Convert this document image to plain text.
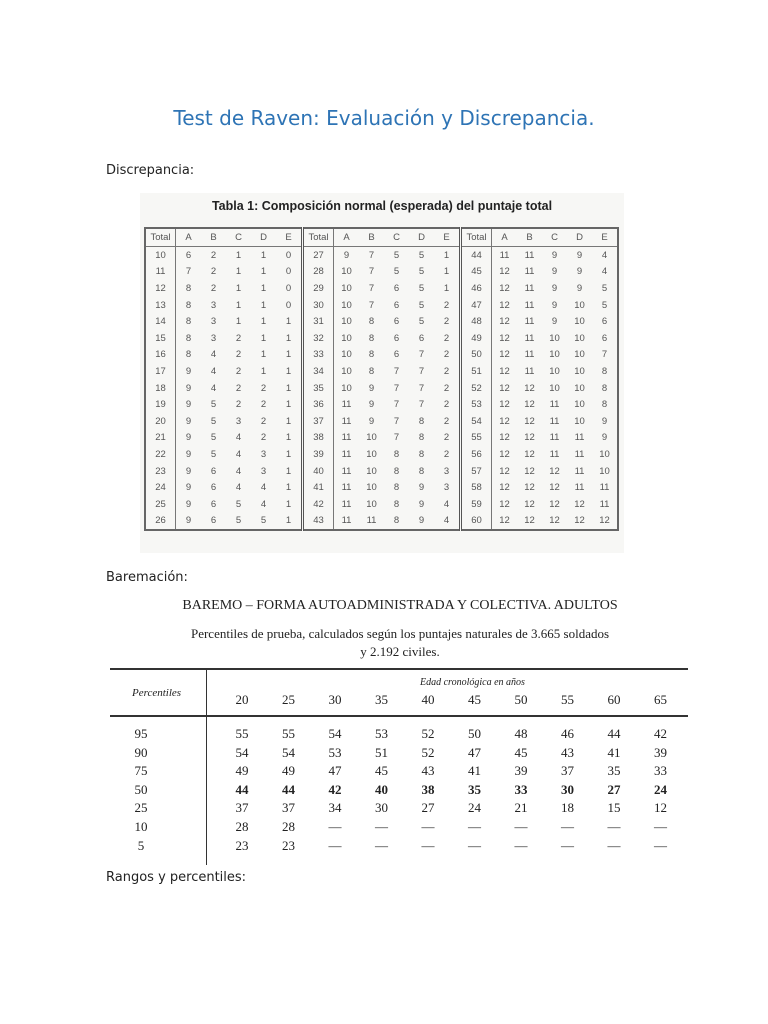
Test de Raven: Evaluación y Discrepancia.
Discrepancia:
Tabla 1: Composición normal (esperada) del puntaje total
Total	A	B	C	D	E	Total	A	B	C	D	E	Total	A	B	C	D	E
10	6	2	1	1	0	27	9	7	5	5	1	44	11	11	9	9	4
11	7	2	1	1	0	28	10	7	5	5	1	45	12	11	9	9	4
12	8	2	1	1	0	29	10	7	6	5	1	46	12	11	9	9	5
13	8	3	1	1	0	30	10	7	6	5	2	47	12	11	9	10	5
14	8	3	1	1	1	31	10	8	6	5	2	48	12	11	9	10	6
15	8	3	2	1	1	32	10	8	6	6	2	49	12	11	10	10	6
16	8	4	2	1	1	33	10	8	6	7	2	50	12	11	10	10	7
17	9	4	2	1	1	34	10	8	7	7	2	51	12	11	10	10	8
18	9	4	2	2	1	35	10	9	7	7	2	52	12	12	10	10	8
19	9	5	2	2	1	36	11	9	7	7	2	53	12	12	11	10	8
20	9	5	3	2	1	37	11	9	7	8	2	54	12	12	11	10	9
21	9	5	4	2	1	38	11	10	7	8	2	55	12	12	11	11	9
22	9	5	4	3	1	39	11	10	8	8	2	56	12	12	11	11	10
23	9	6	4	3	1	40	11	10	8	8	3	57	12	12	12	11	10
24	9	6	4	4	1	41	11	10	8	9	3	58	12	12	12	11	11
25	9	6	5	4	1	42	11	10	8	9	4	59	12	12	12	12	11
26	9	6	5	5	1	43	11	11	8	9	4	60	12	12	12	12	12
Baremación:
BAREMO – FORMA AUTOADMINISTRADA Y COLECTIVA. ADULTOS
Percentiles de prueba, calculados según los puntajes naturales de 3.665 soldados
y 2.192 civiles.
Edad cronológica en años
Percentiles	20	25	30	35	40	45	50	55	60	65
95	55	55	54	53	52	50	48	46	44	42
90	54	54	53	51	52	47	45	43	41	39
75	49	49	47	45	43	41	39	37	35	33
50	44	44	42	40	38	35	33	30	27	24
25	37	37	34	30	27	24	21	18	15	12
10	28	28	—	—	—	—	—	—	—	—
5	23	23	—	—	—	—	—	—	—	—
Rangos y percentiles:
